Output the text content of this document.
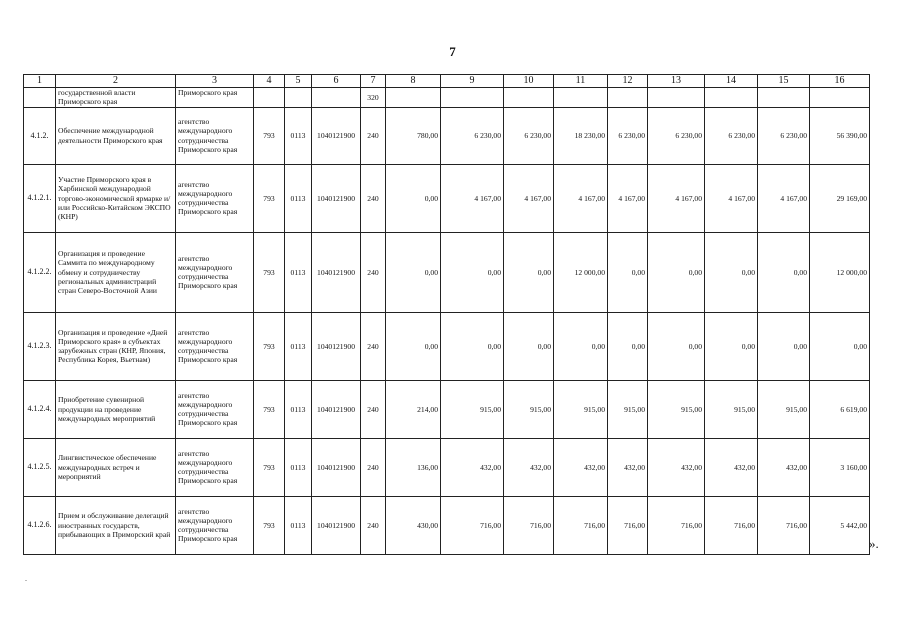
7
1	2	3	4	5	6	7	8	9	10	11	12	13	14	15	16
	государственной власти Приморского края	Приморского края				320									
4.1.2.	Обеспечение международной деятельности Приморского края	агентство международного сотрудничества Приморского края	793	0113	1040121900	240	780,00	6 230,00	6 230,00	18 230,00	6 230,00	6 230,00	6 230,00	6 230,00	56 390,00
4.1.2.1.	Участие Приморского края в Харбинской международной торгово-экономической ярмарке и/или Российско-Китайском ЭКСПО (КНР)	агентство международного сотрудничества Приморского края	793	0113	1040121900	240	0,00	4 167,00	4 167,00	4 167,00	4 167,00	4 167,00	4 167,00	4 167,00	29 169,00
4.1.2.2.	Организация и проведение Саммита по международному обмену и сотрудничеству региональных администраций стран Северо-Восточной Азии	агентство международного сотрудничества Приморского края	793	0113	1040121900	240	0,00	0,00	0,00	12 000,00	0,00	0,00	0,00	0,00	12 000,00
4.1.2.3.	Организация и проведение «Дней Приморского края» в субъектах зарубежных стран (КНР, Япония, Республика Корея, Вьетнам)	агентство международного сотрудничества Приморского края	793	0113	1040121900	240	0,00	0,00	0,00	0,00	0,00	0,00	0,00	0,00	0,00
4.1.2.4.	Приобретение сувенирной продукции на проведение международных мероприятий	агентство международного сотрудничества Приморского края	793	0113	1040121900	240	214,00	915,00	915,00	915,00	915,00	915,00	915,00	915,00	6 619,00
4.1.2.5.	Лингвистическое обеспечение международных встреч и мероприятий	агентство международного сотрудничества Приморского края	793	0113	1040121900	240	136,00	432,00	432,00	432,00	432,00	432,00	432,00	432,00	3 160,00
4.1.2.6.	Прием и обслуживание делегаций иностранных государств, прибывающих в Приморский край	агентство международного сотрудничества Приморского края	793	0113	1040121900	240	430,00	716,00	716,00	716,00	716,00	716,00	716,00	716,00	5 442,00
».
